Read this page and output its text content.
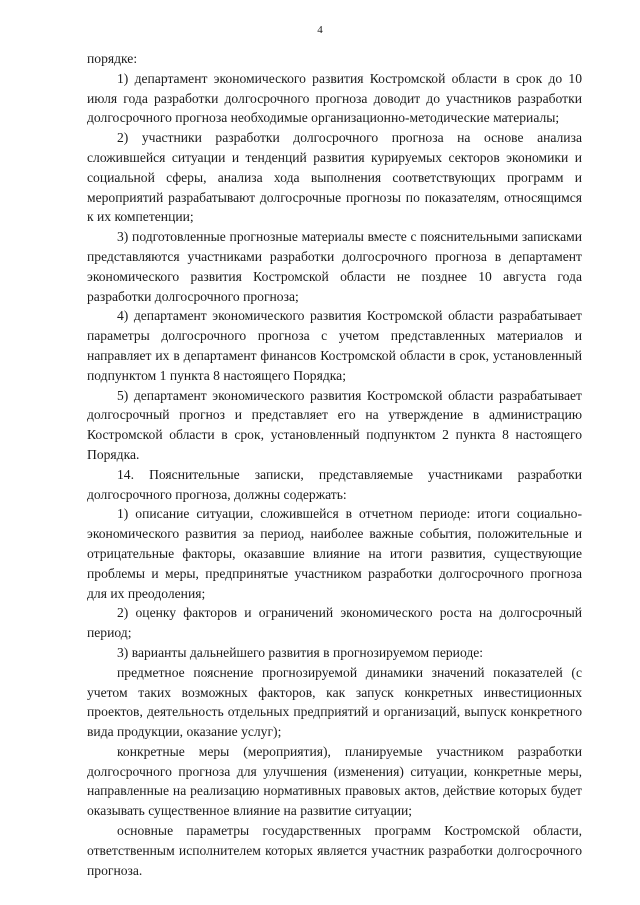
4

порядке:

1) департамент экономического развития Костромской области в срок до 10 июля года разработки долгосрочного прогноза доводит до участников разработки долгосрочного прогноза необходимые организационно-методические материалы;

2) участники разработки долгосрочного прогноза на основе анализа сложившейся ситуации и тенденций развития курируемых секторов экономики и социальной сферы, анализа хода выполнения соответствующих программ и мероприятий разрабатывают долгосрочные прогнозы по показателям, относящимся к их компетенции;

3) подготовленные прогнозные материалы вместе с пояснительными записками представляются участниками разработки долгосрочного прогноза в департамент экономического развития Костромской области не позднее 10 августа года разработки долгосрочного прогноза;

4) департамент экономического развития Костромской области разрабатывает параметры долгосрочного прогноза с учетом представленных материалов и направляет их в департамент финансов Костромской области в срок, установленный подпунктом 1 пункта 8 настоящего Порядка;

5) департамент экономического развития Костромской области разрабатывает долгосрочный прогноз и представляет его на утверждение в администрацию Костромской области в срок, установленный подпунктом 2 пункта 8 настоящего Порядка.

14. Пояснительные записки, представляемые участниками разработки долгосрочного прогноза, должны содержать:

1) описание ситуации, сложившейся в отчетном периоде: итоги социально-экономического развития за период, наиболее важные события, положительные и отрицательные факторы, оказавшие влияние на итоги развития, существующие проблемы и меры, предпринятые участником разработки долгосрочного прогноза для их преодоления;

2) оценку факторов и ограничений экономического роста на долгосрочный период;

3) варианты дальнейшего развития в прогнозируемом периоде:

предметное пояснение прогнозируемой динамики значений показателей (с учетом таких возможных факторов, как запуск конкретных инвестиционных проектов, деятельность отдельных предприятий и организаций, выпуск конкретного вида продукции, оказание услуг);

конкретные меры (мероприятия), планируемые участником разработки долгосрочного прогноза для улучшения (изменения) ситуации, конкретные меры, направленные на реализацию нормативных правовых актов, действие которых будет оказывать существенное влияние на развитие ситуации;

основные параметры государственных программ Костромской области, ответственным исполнителем которых является участник разработки долгосрочного прогноза.
